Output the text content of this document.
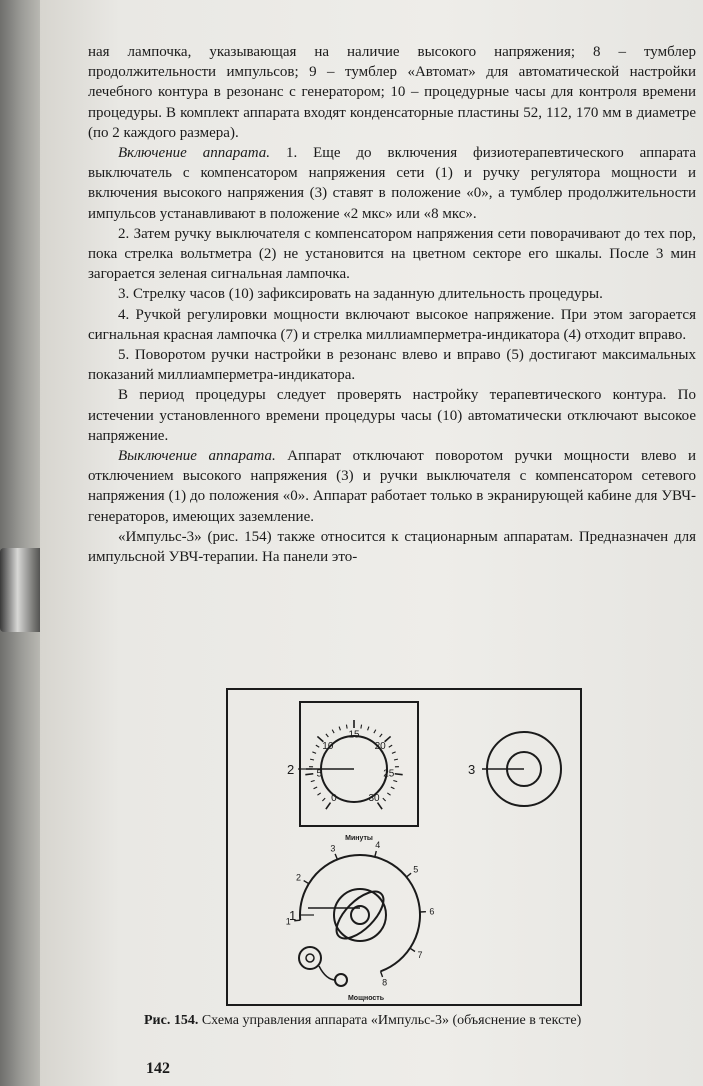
ная лампочка, указывающая на наличие высокого напряжения; 8 – тумблер продолжительности импульсов; 9 – тумблер «Автомат» для автоматической настройки лечебного контура в резонанс с генератором; 10 – процедурные часы для контроля времени процедуры. В комплект аппарата входят конденсаторные пластины 52, 112, 170 мм в диаметре (по 2 каждого размера).

Включение аппарата. 1. Еще до включения физиотерапевтического аппарата выключатель с компенсатором напряжения сети (1) и ручку регулятора мощности и включения высокого напряжения (3) ставят в положение «0», а тумблер продолжительности импульсов устанавливают в положение «2 мкс» или «8 мкс».

2. Затем ручку выключателя с компенсатором напряжения сети поворачивают до тех пор, пока стрелка вольтметра (2) не установится на цветном секторе его шкалы. После 3 мин загорается зеленая сигнальная лампочка.

3. Стрелку часов (10) зафиксировать на заданную длительность процедуры.

4. Ручкой регулировки мощности включают высокое напряжение. При этом загорается сигнальная красная лампочка (7) и стрелка миллиамперметра-индикатора (4) отходит вправо.

5. Поворотом ручки настройки в резонанс влево и вправо (5) достигают максимальных показаний миллиамперметра-индикатора.

В период процедуры следует проверять настройку терапевтического контура. По истечении установленного времени процедуры часы (10) автоматически отключают высокое напряжение.

Выключение аппарата. Аппарат отключают поворотом ручки мощности влево и отключением высокого напряжения (3) и ручки выключателя с компенсатором сетевого напряжения (1) до положения «0». Аппарат работает только в экранирующей кабине для УВЧ-генераторов, имеющих заземление.

«Импульс-3» (рис. 154) также относится к стационарным аппаратам. Предназначен для импульсной УВЧ-терапии. На панели это-

2
0
5
10
15
20
25
30
Минуты
3
1
2
3	4
5
6
7
8
1
Мощность
Рис. 154. Схема управления аппарата «Импульс-3» (объяснение в тексте)
142
